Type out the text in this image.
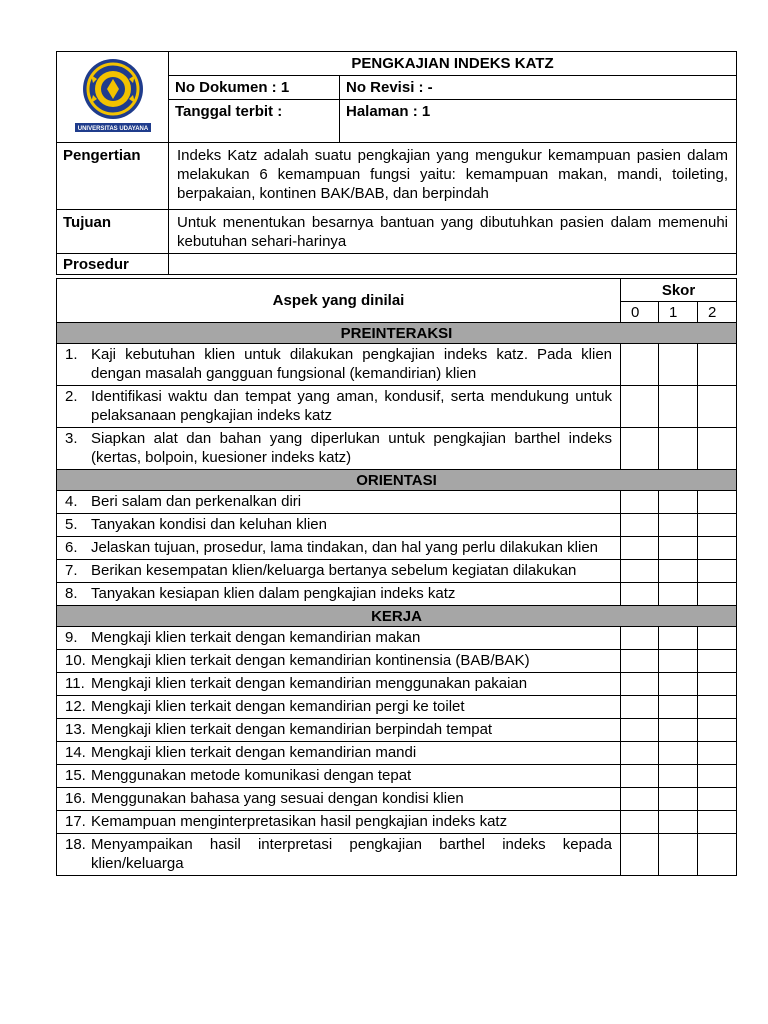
UNIVERSITAS UDAYANA	PENGKAJIAN INDEKS KATZ	
	No Dokumen : 1	No Revisi : -
	Tanggal terbit :	Halaman : 1
Pengertian	Indeks Katz adalah suatu pengkajian yang mengukur kemampuan pasien dalam melakukan 6 kemampuan fungsi yaitu: kemampuan makan, mandi, toileting, berpakaian, kontinen BAK/BAB, dan berpindah	
Tujuan	Untuk menentukan besarnya bantuan yang dibutuhkan pasien dalam memenuhi kebutuhan sehari-harinya	
Prosedur		
Aspek yang dinilai	Skor		
	0	1	2
PREINTERAKSI			

1. Kaji kebutuhan klien untuk dilakukan pengkajian indeks katz. Pada klien dengan masalah gangguan fungsional (kemandirian) klien			

2. Identifikasi waktu dan tempat yang aman, kondusif, serta mendukung untuk pelaksanaan pengkajian indeks katz			

3. Siapkan alat dan bahan yang diperlukan untuk pengkajian barthel indeks (kertas, bolpoin, kuesioner indeks katz)			

ORIENTASI			

4. Beri salam dan perkenalkan diri			

5. Tanyakan kondisi dan keluhan klien			

6. Jelaskan tujuan, prosedur, lama tindakan, dan hal yang perlu dilakukan klien			

7. Berikan kesempatan klien/keluarga bertanya sebelum kegiatan dilakukan			

8. Tanyakan kesiapan klien dalam pengkajian indeks katz			

KERJA			

9. Mengkaji klien terkait dengan kemandirian makan			

10. Mengkaji klien terkait dengan kemandirian kontinensia (BAB/BAK)			

11. Mengkaji klien terkait dengan kemandirian menggunakan pakaian			

12. Mengkaji klien terkait dengan kemandirian pergi ke toilet			

13. Mengkaji klien terkait dengan kemandirian berpindah tempat			

14. Mengkaji klien terkait dengan kemandirian mandi			

15. Menggunakan metode komunikasi dengan tepat			

16. Menggunakan bahasa yang sesuai dengan kondisi klien			

17. Kemampuan menginterpretasikan hasil pengkajian indeks katz			

18. Menyampaikan hasil interpretasi pengkajian barthel indeks kepada klien/keluarga			
